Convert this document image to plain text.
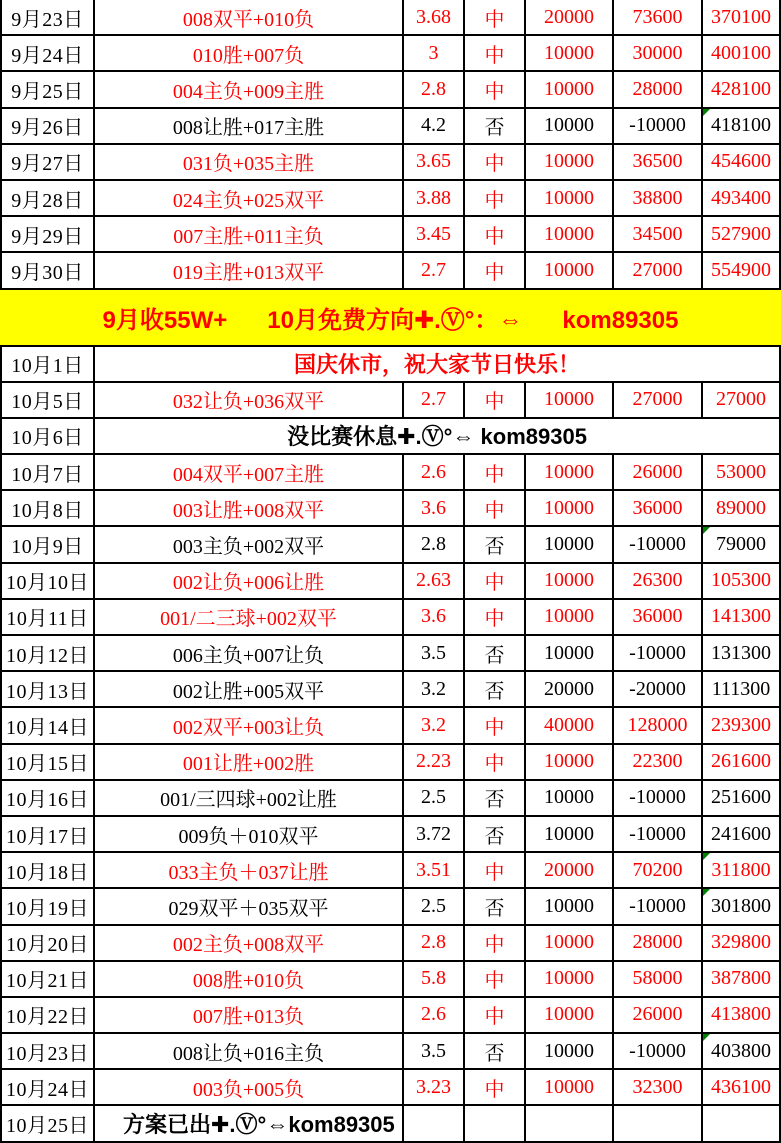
9月23日	008双平+010负	3.68 中 20000 73600 370100
9月24日	010胜+007负	3 中 10000 30000 400100
9月25日	004主负+009主胜	2.8 中 10000 28000 428100
9月26日	008让胜+017主胜	4.2 否 10000 -10000 418100
9月27日	031负+035主胜	3.65 中 10000 36500 454600
9月28日	024主负+025双平	3.88 中 10000 38800 493400
9月29日	007主胜+011主负	3.45 中 10000 34500 527900
9月30日	019主胜+013双平	2.7 中 10000 27000 554900
9月收55W+      10月免费方向✚.Ⓥ°：⇔      kom89305
10月1日	国庆休市，祝大家节日快乐！
10月5日	032让负+036双平	2.7 中 10000 27000 27000
10月6日	没比赛休息✚.Ⓥ°⇔ kom89305
10月7日	004双平+007主胜	2.6 中 10000 26000 53000
10月8日	003让胜+008双平	3.6 中 10000 36000 89000
10月9日	003主负+002双平	2.8 否 10000 -10000 79000
10月10日	002让负+006让胜	2.63 中 10000 26300 105300
10月11日	001/二三球+002双平	3.6 中 10000 36000 141300
10月12日	006主负+007让负	3.5 否 10000 -10000 131300
10月13日	002让胜+005双平	3.2 否 20000 -20000 111300
10月14日	002双平+003让负	3.2 中 40000 128000 239300
10月15日	001让胜+002胜	2.23 中 10000 22300 261600
10月16日	001/三四球+002让胜	2.5 否 10000 -10000 251600
10月17日	009负＋010双平	3.72 否 10000 -10000 241600
10月18日	033主负＋037让胜	3.51 中 20000 70200 311800
10月19日	029双平＋035双平	2.5 否 10000 -10000 301800
10月20日	002主负+008双平	2.8 中 10000 28000 329800
10月21日	008胜+010负	5.8 中 10000 58000 387800
10月22日	007胜+013负	2.6 中 10000 26000 413800
10月23日	008让负+016主负	3.5 否 10000 -10000 403800
10月24日	003负+005负	3.23 中 10000 32300 436100
10月25日 方案已出✚.Ⓥ°⇔kom89305
